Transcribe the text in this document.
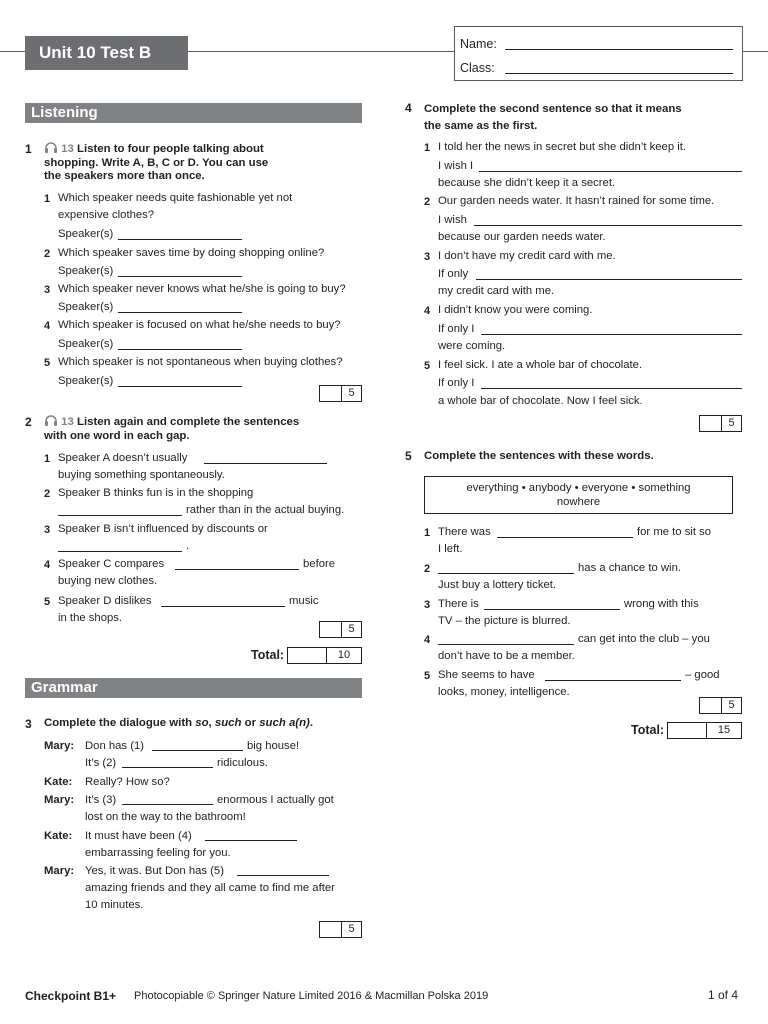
Unit 10 Test B	Name:
Class:
Listening
1	13 Listen to four people talking about
shopping. Write A, B, C or D. You can use
the speakers more than once.
1 Which speaker needs quite fashionable yet not
expensive clothes?
Speaker(s)
2 Which speaker saves time by doing shopping online?
Speaker(s)
3 Which speaker never knows what he/she is going to buy?
Speaker(s)
4 Which speaker is focused on what he/she needs to buy?
Speaker(s)
5 Which speaker is not spontaneous when buying clothes?
Speaker(s)
5
2	13 Listen again and complete the sentences
with one word in each gap.
1 Speaker A doesn’t usually
buying something spontaneously.
2 Speaker B thinks fun is in the shopping
rather than in the actual buying.
3 Speaker B isn’t influenced by discounts or
.
4 Speaker C compares	before
buying new clothes.
5 Speaker D dislikes	music
in the shops.
5
Total:	10
Grammar
3 Complete the dialogue with so, such or such a(n).
Mary: Don has (1)	big house!
It’s (2)	ridiculous.
Kate: Really? How so?
Mary: It’s (3)	enormous I actually got
lost on the way to the bathroom!
Kate: It must have been (4)
embarrassing feeling for you.
Mary: Yes, it was. But Don has (5)
amazing friends and they all came to find me after
10 minutes.
5
4 Complete the second sentence so that it means
the same as the first.
1 I told her the news in secret but she didn’t keep it.
I wish I
because she didn’t keep it a secret.
2 Our garden needs water. It hasn’t rained for some time.
I wish
because our garden needs water.
3 I don’t have my credit card with me.
If only
my credit card with me.
4 I didn’t know you were coming.
If only I
were coming.
5 I feel sick. I ate a whole bar of chocolate.
If only I
a whole bar of chocolate. Now I feel sick.
5
5 Complete the sentences with these words.
everything • anybody • everyone • something
nowhere
1 There was	for me to sit so
I left.
2	has a chance to win.
Just buy a lottery ticket.
3 There is	wrong with this
TV – the picture is blurred.
4	can get into the club – you
don’t have to be a member.
5 She seems to have	– good
looks, money, intelligence.
5
Total:	15
Checkpoint B1+ Photocopiable © Springer Nature Limited 2016 & Macmillan Polska 2019	1 of 4
